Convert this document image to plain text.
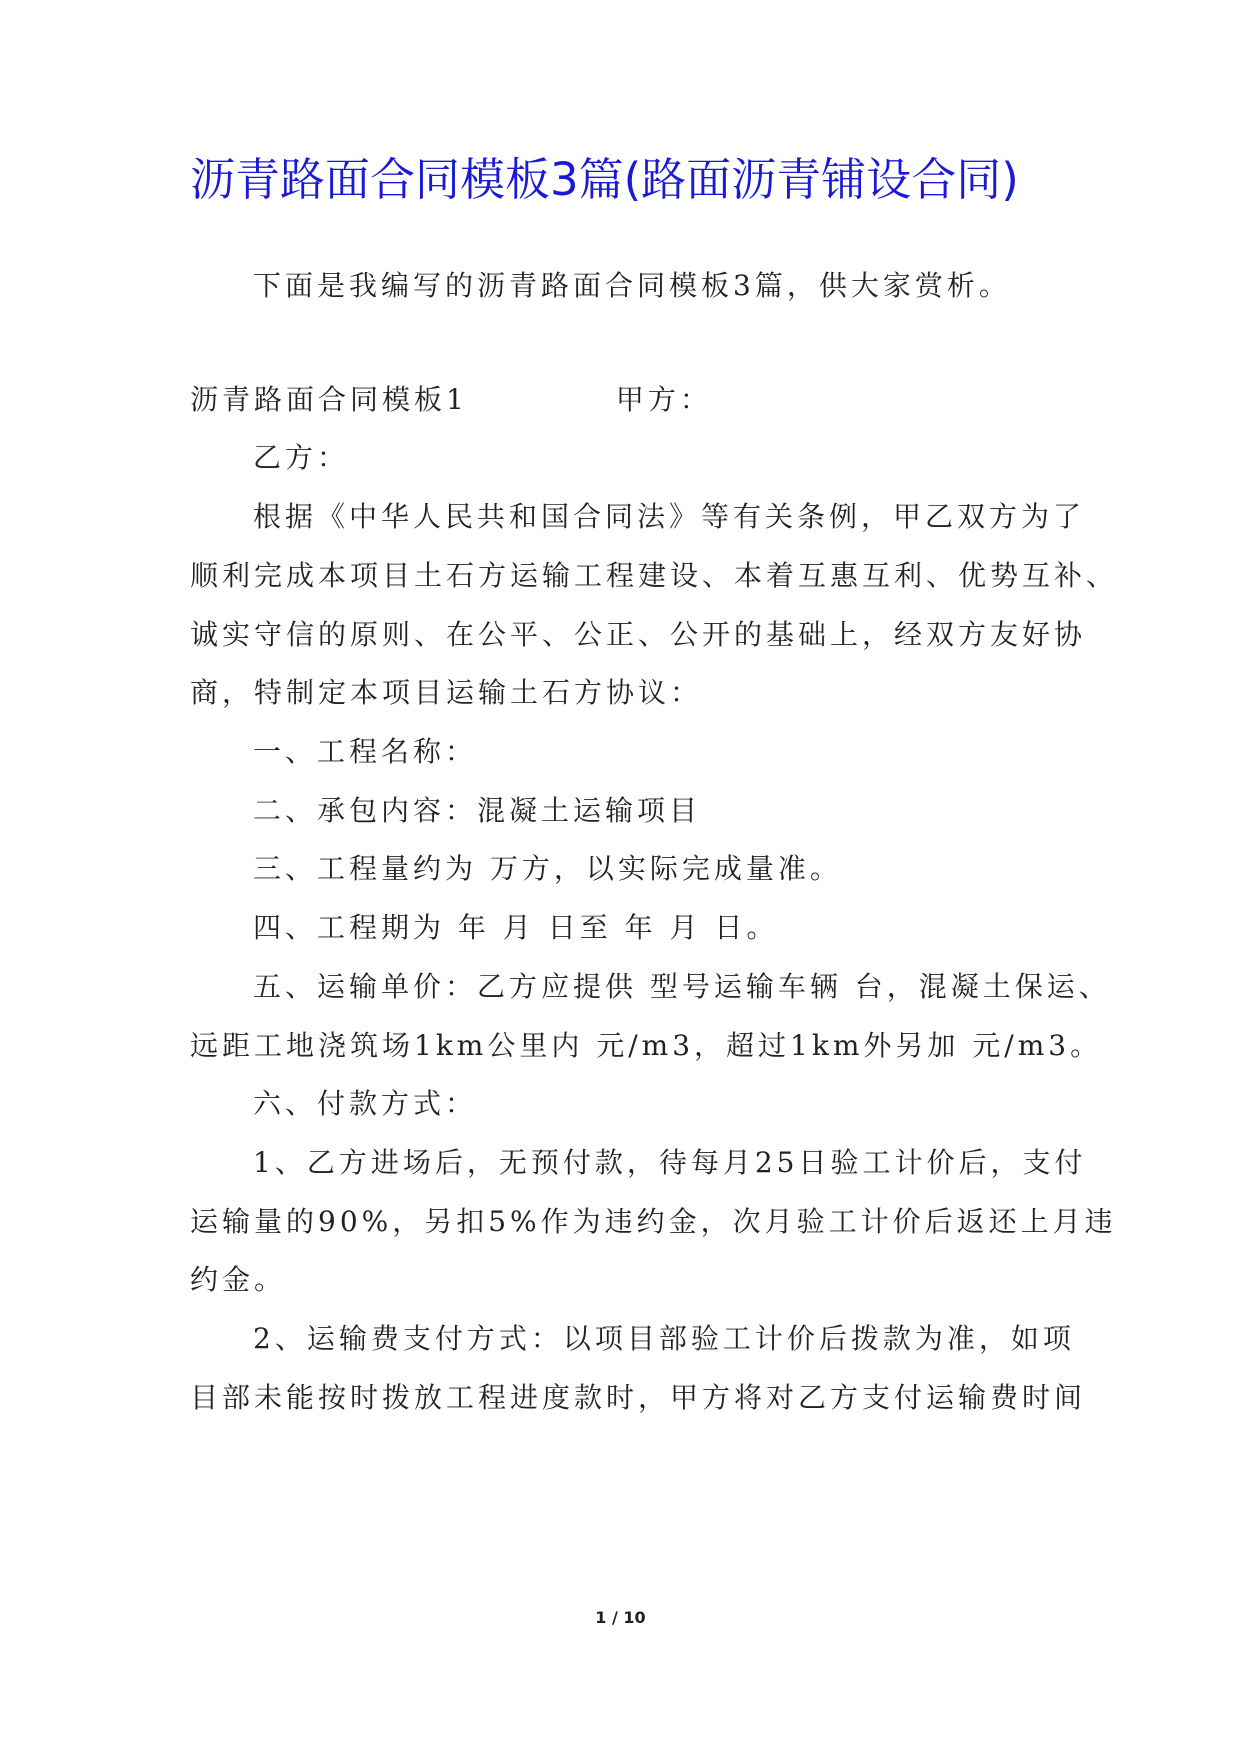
沥青路面合同模板3篇(路面沥青铺设合同)
下面是我编写的沥青路面合同模板3篇，供大家赏析。
沥青路面合同模板1	甲方：
乙方：
根据《中华人民共和国合同法》等有关条例，甲乙双方为了
顺利完成本项目土石方运输工程建设、本着互惠互利、优势互补、
诚实守信的原则、在公平、公正、公开的基础上，经双方友好协
商，特制定本项目运输土石方协议：
一、工程名称：
二、承包内容：混凝土运输项目
三、工程量约为 万方，以实际完成量准。
四、工程期为 年 月 日至 年 月 日。
五、运输单价：乙方应提供 型号运输车辆 台，混凝土保运、
远距工地浇筑场1km公里内 元/m3，超过1km外另加 元/m3。
六、付款方式：
1、乙方进场后，无预付款，待每月25日验工计价后，支付
运输量的90%，另扣5%作为违约金，次月验工计价后返还上月违
约金。
2、运输费支付方式：以项目部验工计价后拨款为准，如项
目部未能按时拨放工程进度款时，甲方将对乙方支付运输费时间
1 / 10
